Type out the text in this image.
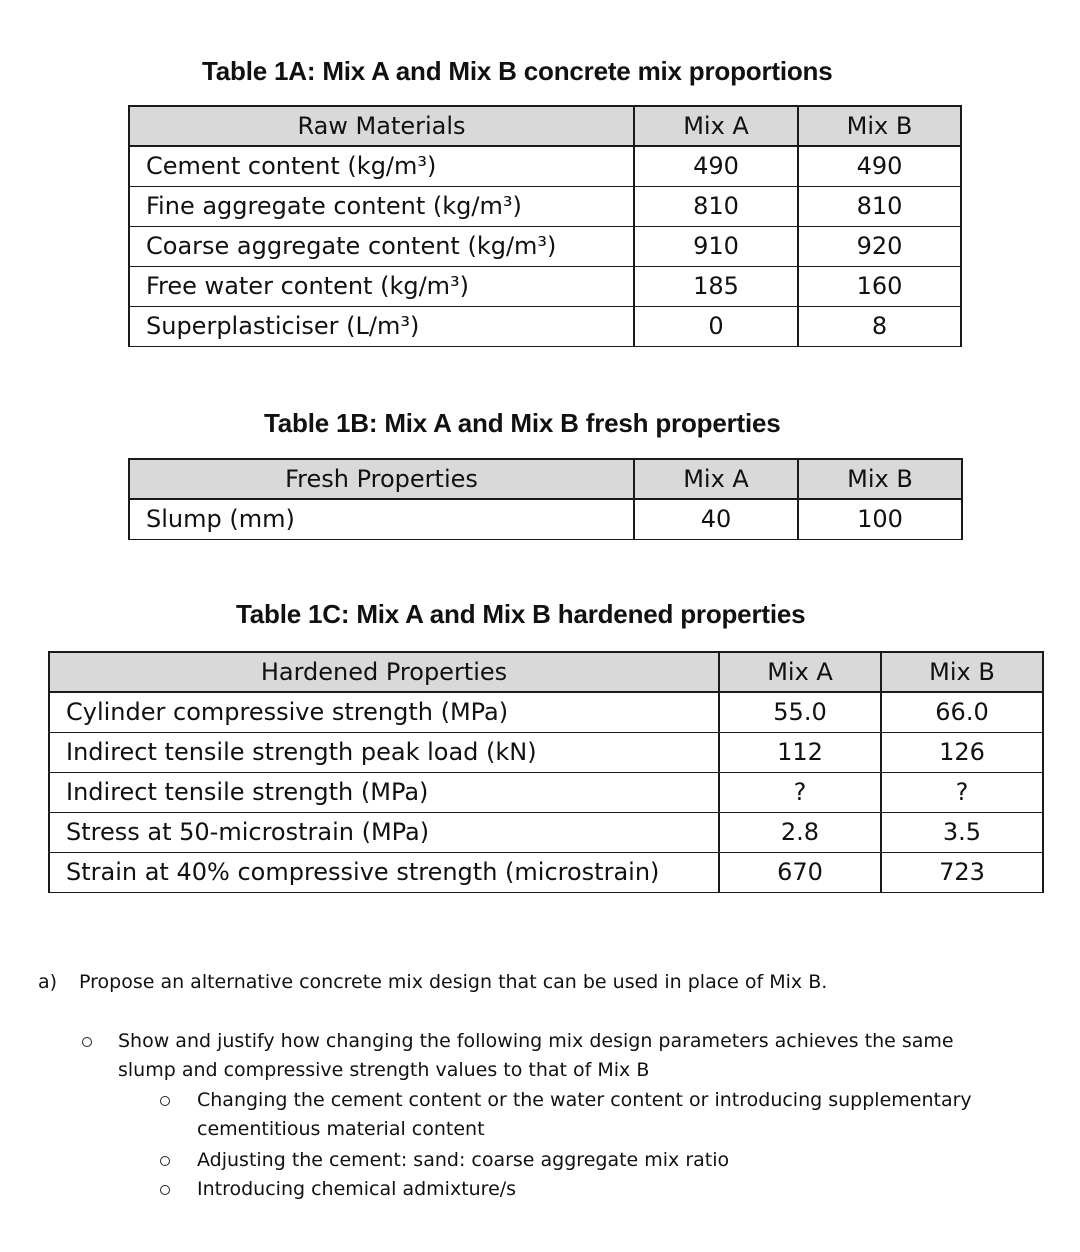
Table 1A: Mix A and Mix B concrete mix proportions
Raw Materials	Mix A	Mix B
Cement content (kg/m³)	490	490
Fine aggregate content (kg/m³)	810	810
Coarse aggregate content (kg/m³)	910	920
Free water content (kg/m³)	185	160
Superplasticiser (L/m³)	0	8
Table 1B: Mix A and Mix B fresh properties
Fresh Properties	Mix A	Mix B
Slump (mm)	40	100
Table 1C: Mix A and Mix B hardened properties
Hardened Properties	Mix A	Mix B
Cylinder compressive strength (MPa)	55.0	66.0
Indirect tensile strength peak load (kN)	112	126
Indirect tensile strength (MPa)	?	?
Stress at 50-microstrain (MPa)	2.8	3.5
Strain at 40% compressive strength (microstrain)	670	723
a) Propose an alternative concrete mix design that can be used in place of Mix B.
Show and justify how changing the following mix design parameters achieves the same
slump and compressive strength values to that of Mix B
Changing the cement content or the water content or introducing supplementary
cementitious material content
Adjusting the cement: sand: coarse aggregate mix ratio
Introducing chemical admixture/s
